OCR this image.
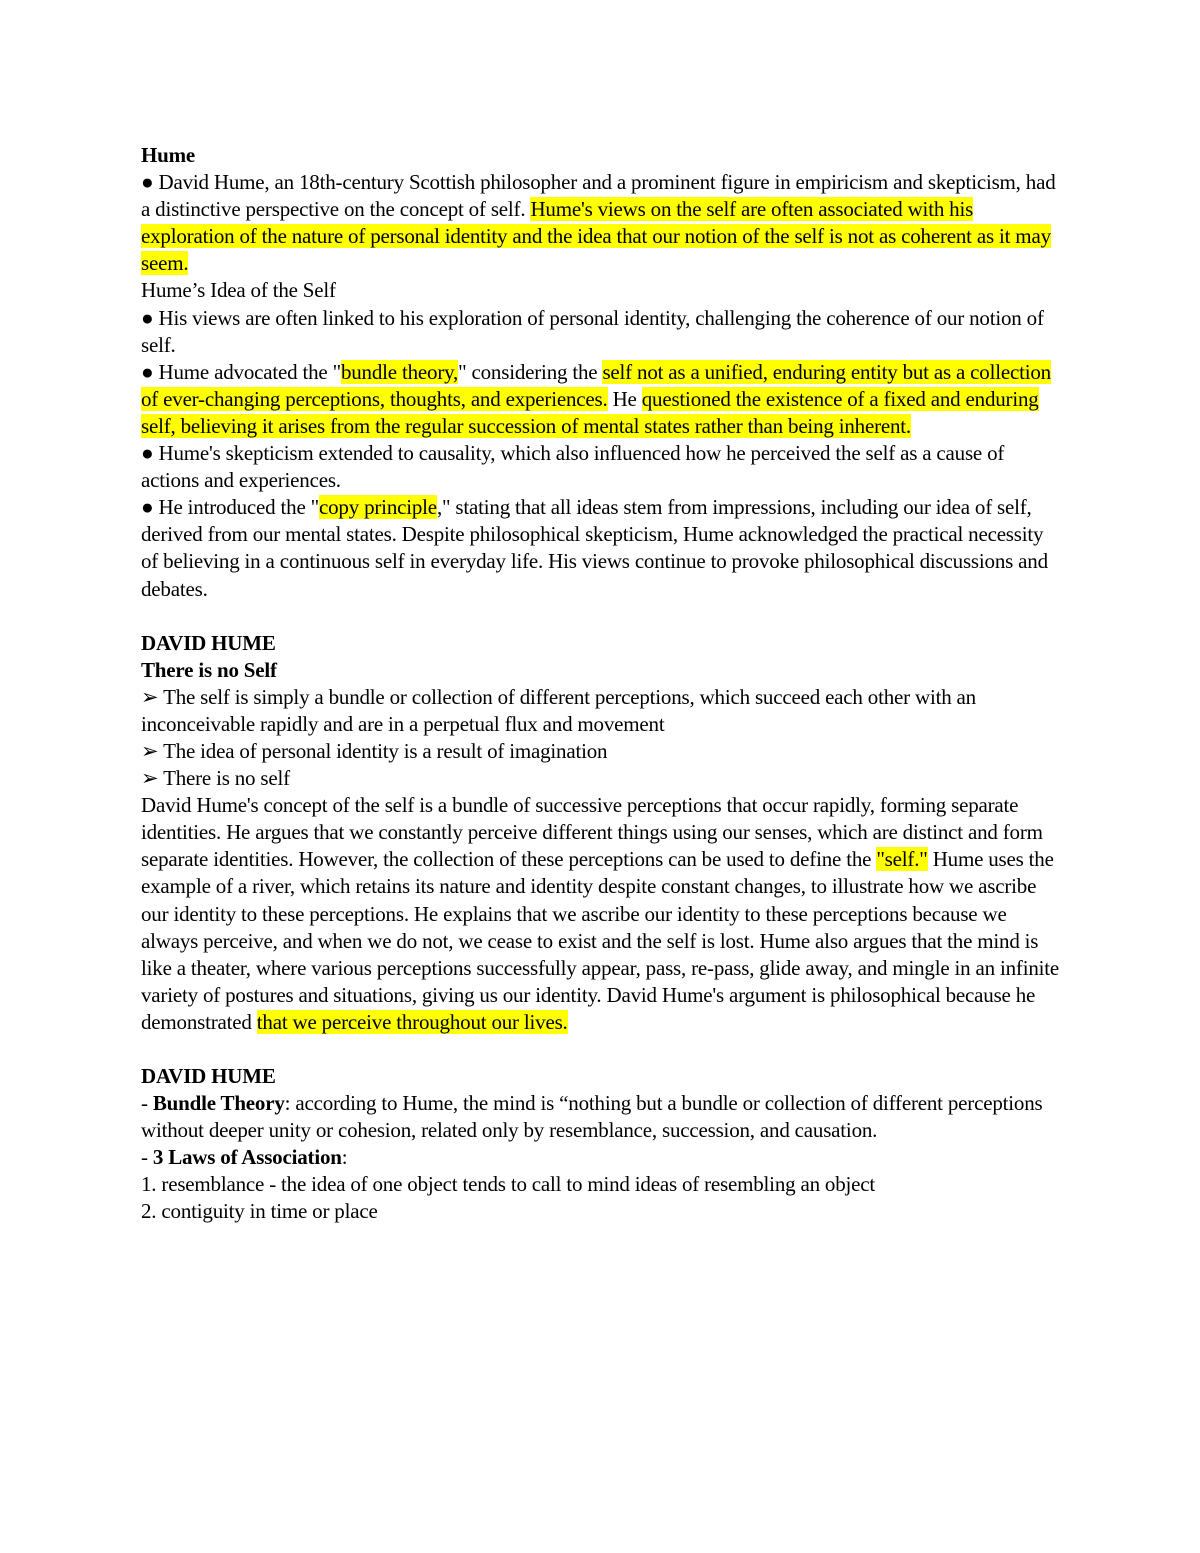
Hume

● David Hume, an 18th-century Scottish philosopher and a prominent figure in empiricism and skepticism, had a distinctive perspective on the concept of self. Hume's views on the self are often associated with his exploration of the nature of personal identity and the idea that our notion of the self is not as coherent as it may seem.

Hume’s Idea of the Self

● His views are often linked to his exploration of personal identity, challenging the coherence of our notion of self.

● Hume advocated the "bundle theory," considering the self not as a unified, enduring entity but as a collection of ever-changing perceptions, thoughts, and experiences. He questioned the existence of a fixed and enduring self, believing it arises from the regular succession of mental states rather than being inherent.

● Hume's skepticism extended to causality, which also influenced how he perceived the self as a cause of actions and experiences.

● He introduced the "copy principle," stating that all ideas stem from impressions, including our idea of self, derived from our mental states. Despite philosophical skepticism, Hume acknowledged the practical necessity of believing in a continuous self in everyday life. His views continue to provoke philosophical discussions and debates.

DAVID HUME

There is no Self

➢ The self is simply a bundle or collection of different perceptions, which succeed each other with an inconceivable rapidly and are in a perpetual flux and movement

➢ The idea of personal identity is a result of imagination

➢ There is no self

David Hume's concept of the self is a bundle of successive perceptions that occur rapidly, forming separate identities. He argues that we constantly perceive different things using our senses, which are distinct and form separate identities. However, the collection of these perceptions can be used to define the "self." Hume uses the example of a river, which retains its nature and identity despite constant changes, to illustrate how we ascribe our identity to these perceptions. He explains that we ascribe our identity to these perceptions because we always perceive, and when we do not, we cease to exist and the self is lost. Hume also argues that the mind is like a theater, where various perceptions successfully appear, pass, re-pass, glide away, and mingle in an infinite variety of postures and situations, giving us our identity. David Hume's argument is philosophical because he demonstrated that we perceive throughout our lives.

DAVID HUME

- Bundle Theory: according to Hume, the mind is “nothing but a bundle or collection of different perceptions without deeper unity or cohesion, related only by resemblance, succession, and causation.

- 3 Laws of Association:

1. resemblance - the idea of one object tends to call to mind ideas of resembling an object

2. contiguity in time or place
